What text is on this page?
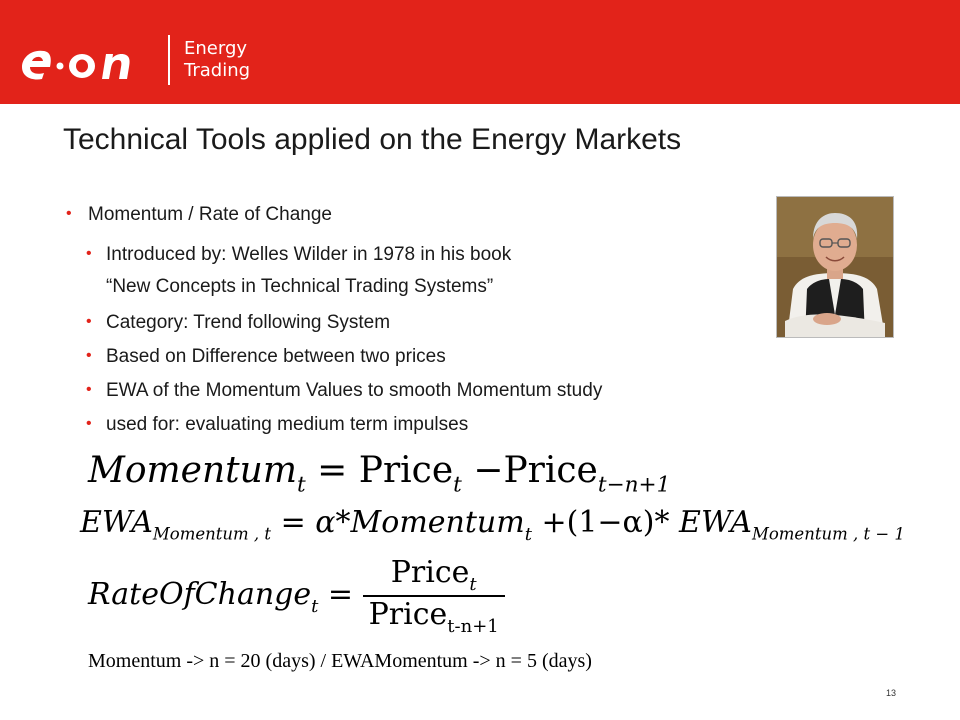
Energy
Trading
Technical Tools applied on the Energy Markets
• Momentum / Rate of Change
• Introduced by: Welles Wilder in 1978 in his book
“New Concepts in Technical Trading Systems”
• Category: Trend following System
• Based on Difference between two prices
• EWA of the Momentum Values to smooth Momentum study
• used for: evaluating medium term impulses
Momentum$_t$ = Price$_t$ −Price$_{t-n+1}$
$EWA_{Momentum , t}$ = α*Momentum$_t$ +(1−α)* $EWA_{Momentum , t - 1}$
RateOfChange$_t$ = $\frac{Price_t}{Price_{t-n+1}}$
Momentum -> n = 20 (days) / EWAMomentum -> n = 5 (days)
13
